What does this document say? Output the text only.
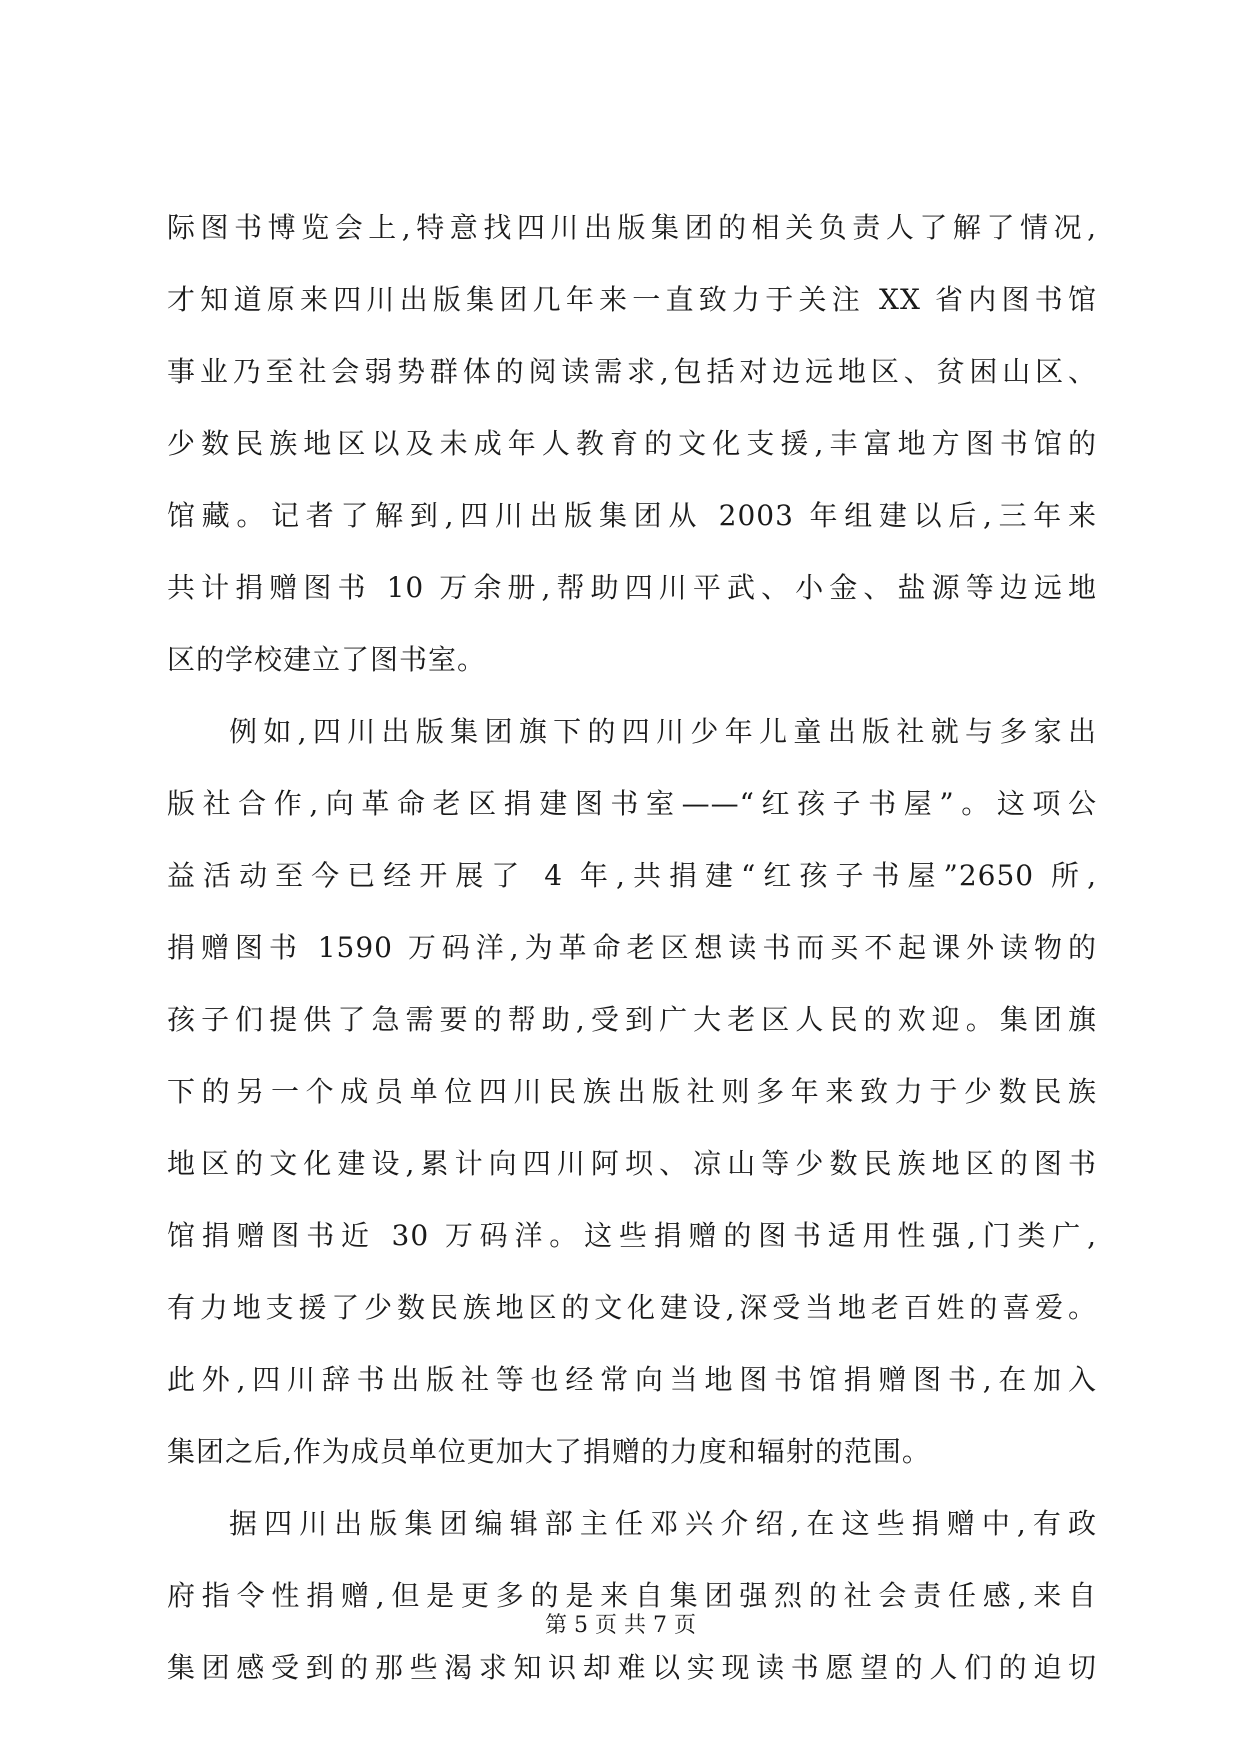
际图书博览会上,特意找四川出版集团的相关负责人了解了情况,
才知道原来四川出版集团几年来一直致力于关注 XX 省内图书馆
事业乃至社会弱势群体的阅读需求,包括对边远地区、贫困山区、
少数民族地区以及未成年人教育的文化支援,丰富地方图书馆的
馆藏。记者了解到,四川出版集团从 2003 年组建以后,三年来
共计捐赠图书 10 万余册,帮助四川平武、小金、盐源等边远地
区的学校建立了图书室。
例如,四川出版集团旗下的四川少年儿童出版社就与多家出
版社合作,向革命老区捐建图书室——“红孩子书屋”。这项公
益活动至今已经开展了 4 年,共捐建“红孩子书屋”2650 所,
捐赠图书 1590 万码洋,为革命老区想读书而买不起课外读物的
孩子们提供了急需要的帮助,受到广大老区人民的欢迎。集团旗
下的另一个成员单位四川民族出版社则多年来致力于少数民族
地区的文化建设,累计向四川阿坝、凉山等少数民族地区的图书
馆捐赠图书近 30 万码洋。这些捐赠的图书适用性强,门类广,
有力地支援了少数民族地区的文化建设,深受当地老百姓的喜爱。
此外,四川辞书出版社等也经常向当地图书馆捐赠图书,在加入
集团之后,作为成员单位更加大了捐赠的力度和辐射的范围。
据四川出版集团编辑部主任邓兴介绍,在这些捐赠中,有政
府指令性捐赠,但是更多的是来自集团强烈的社会责任感,来自
集团感受到的那些渴求知识却难以实现读书愿望的人们的迫切
第 5 页 共 7 页
